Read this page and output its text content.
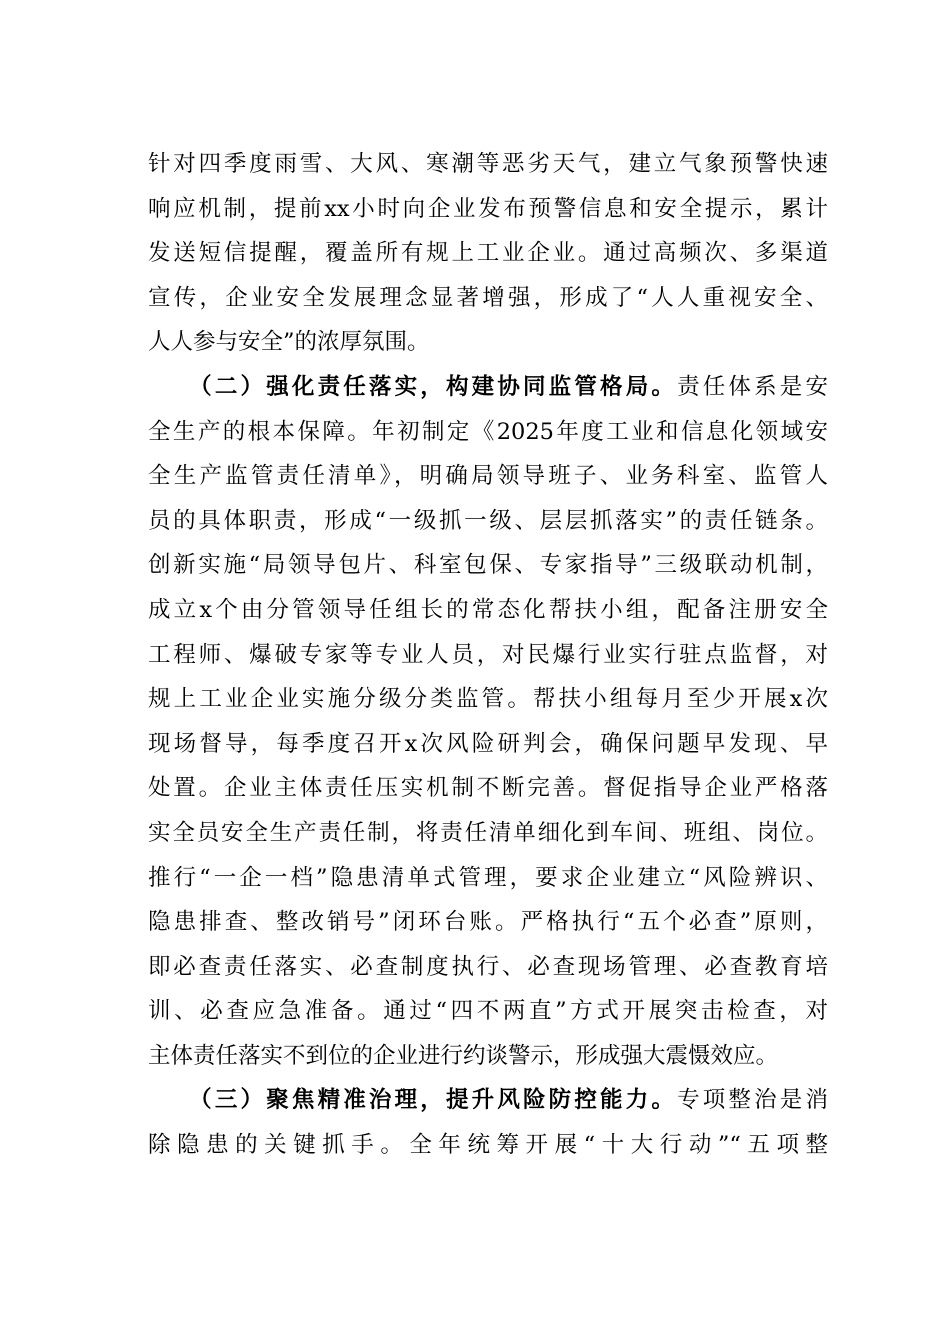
针对四季度雨雪、大风、寒潮等恶劣天气，建立气象预警快速
响应机制，提前xx小时向企业发布预警信息和安全提示，累计
发送短信提醒，覆盖所有规上工业企业。通过高频次、多渠道
宣传，企业安全发展理念显著增强，形成了“人人重视安全、
人人参与安全”的浓厚氛围。
（二）强化责任落实，构建协同监管格局。责任体系是安
全生产的根本保障。年初制定《2025年度工业和信息化领域安
全生产监管责任清单》，明确局领导班子、业务科室、监管人
员的具体职责，形成“一级抓一级、层层抓落实”的责任链条。
创新实施“局领导包片、科室包保、专家指导”三级联动机制，
成立x个由分管领导任组长的常态化帮扶小组，配备注册安全
工程师、爆破专家等专业人员，对民爆行业实行驻点监督，对
规上工业企业实施分级分类监管。帮扶小组每月至少开展x次
现场督导，每季度召开x次风险研判会，确保问题早发现、早
处置。企业主体责任压实机制不断完善。督促指导企业严格落
实全员安全生产责任制，将责任清单细化到车间、班组、岗位。
推行“一企一档”隐患清单式管理，要求企业建立“风险辨识、
隐患排查、整改销号”闭环台账。严格执行“五个必查”原则，
即必查责任落实、必查制度执行、必查现场管理、必查教育培
训、必查应急准备。通过“四不两直”方式开展突击检查，对
主体责任落实不到位的企业进行约谈警示，形成强大震慑效应。
（三）聚焦精准治理，提升风险防控能力。专项整治是消
除隐患的关键抓手。全年统筹开展“十大行动”“五项整
